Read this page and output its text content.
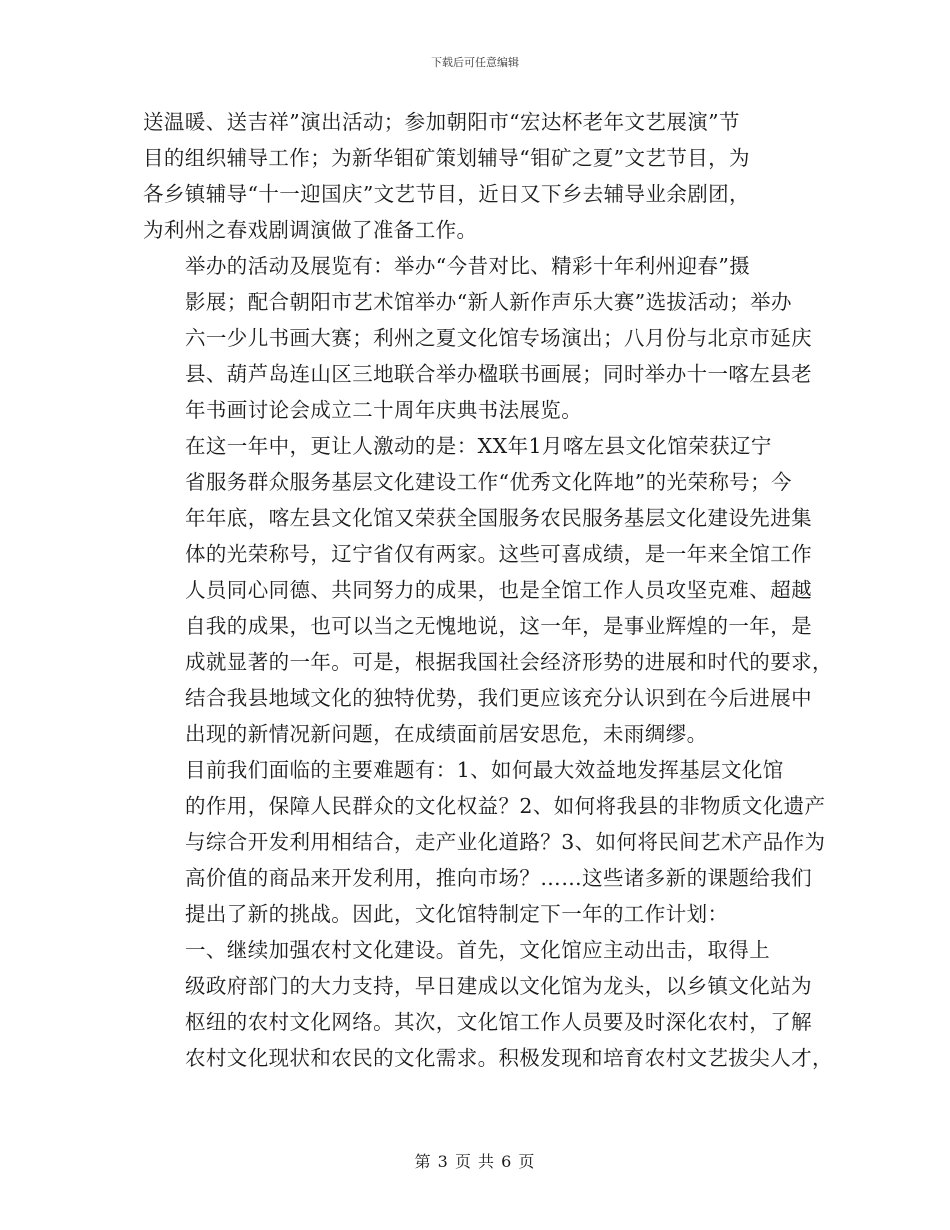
下载后可任意编辑

送温暖、送吉祥”演出活动；参加朝阳市“宏达杯老年文艺展演”节
目的组织辅导工作；为新华钼矿策划辅导“钼矿之夏”文艺节目，为
各乡镇辅导“十一迎国庆”文艺节目，近日又下乡去辅导业余剧团，
为利州之春戏剧调演做了准备工作。

举办的活动及展览有：举办“今昔对比、精彩十年利州迎春”摄
影展；配合朝阳市艺术馆举办“新人新作声乐大赛”选拔活动；举办
六一少儿书画大赛；利州之夏文化馆专场演出；八月份与北京市延庆
县、葫芦岛连山区三地联合举办楹联书画展；同时举办十一喀左县老
年书画讨论会成立二十周年庆典书法展览。

在这一年中，更让人激动的是：XX年1月喀左县文化馆荣获辽宁
省服务群众服务基层文化建设工作“优秀文化阵地”的光荣称号；今
年年底，喀左县文化馆又荣获全国服务农民服务基层文化建设先进集
体的光荣称号，辽宁省仅有两家。这些可喜成绩，是一年来全馆工作
人员同心同德、共同努力的成果，也是全馆工作人员攻坚克难、超越
自我的成果，也可以当之无愧地说，这一年，是事业辉煌的一年，是
成就显著的一年。可是，根据我国社会经济形势的进展和时代的要求，
结合我县地域文化的独特优势，我们更应该充分认识到在今后进展中
出现的新情况新问题，在成绩面前居安思危，未雨绸缪。

目前我们面临的主要难题有：1、如何最大效益地发挥基层文化馆
的作用，保障人民群众的文化权益？2、如何将我县的非物质文化遗产
与综合开发利用相结合，走产业化道路？3、如何将民间艺术产品作为
高价值的商品来开发利用，推向市场？……这些诸多新的课题给我们
提出了新的挑战。因此，文化馆特制定下一年的工作计划：

一、继续加强农村文化建设。首先，文化馆应主动出击，取得上
级政府部门的大力支持，早日建成以文化馆为龙头，以乡镇文化站为
枢纽的农村文化网络。其次，文化馆工作人员要及时深化农村，了解
农村文化现状和农民的文化需求。积极发现和培育农村文艺拔尖人才，

第 3 页 共 6 页
